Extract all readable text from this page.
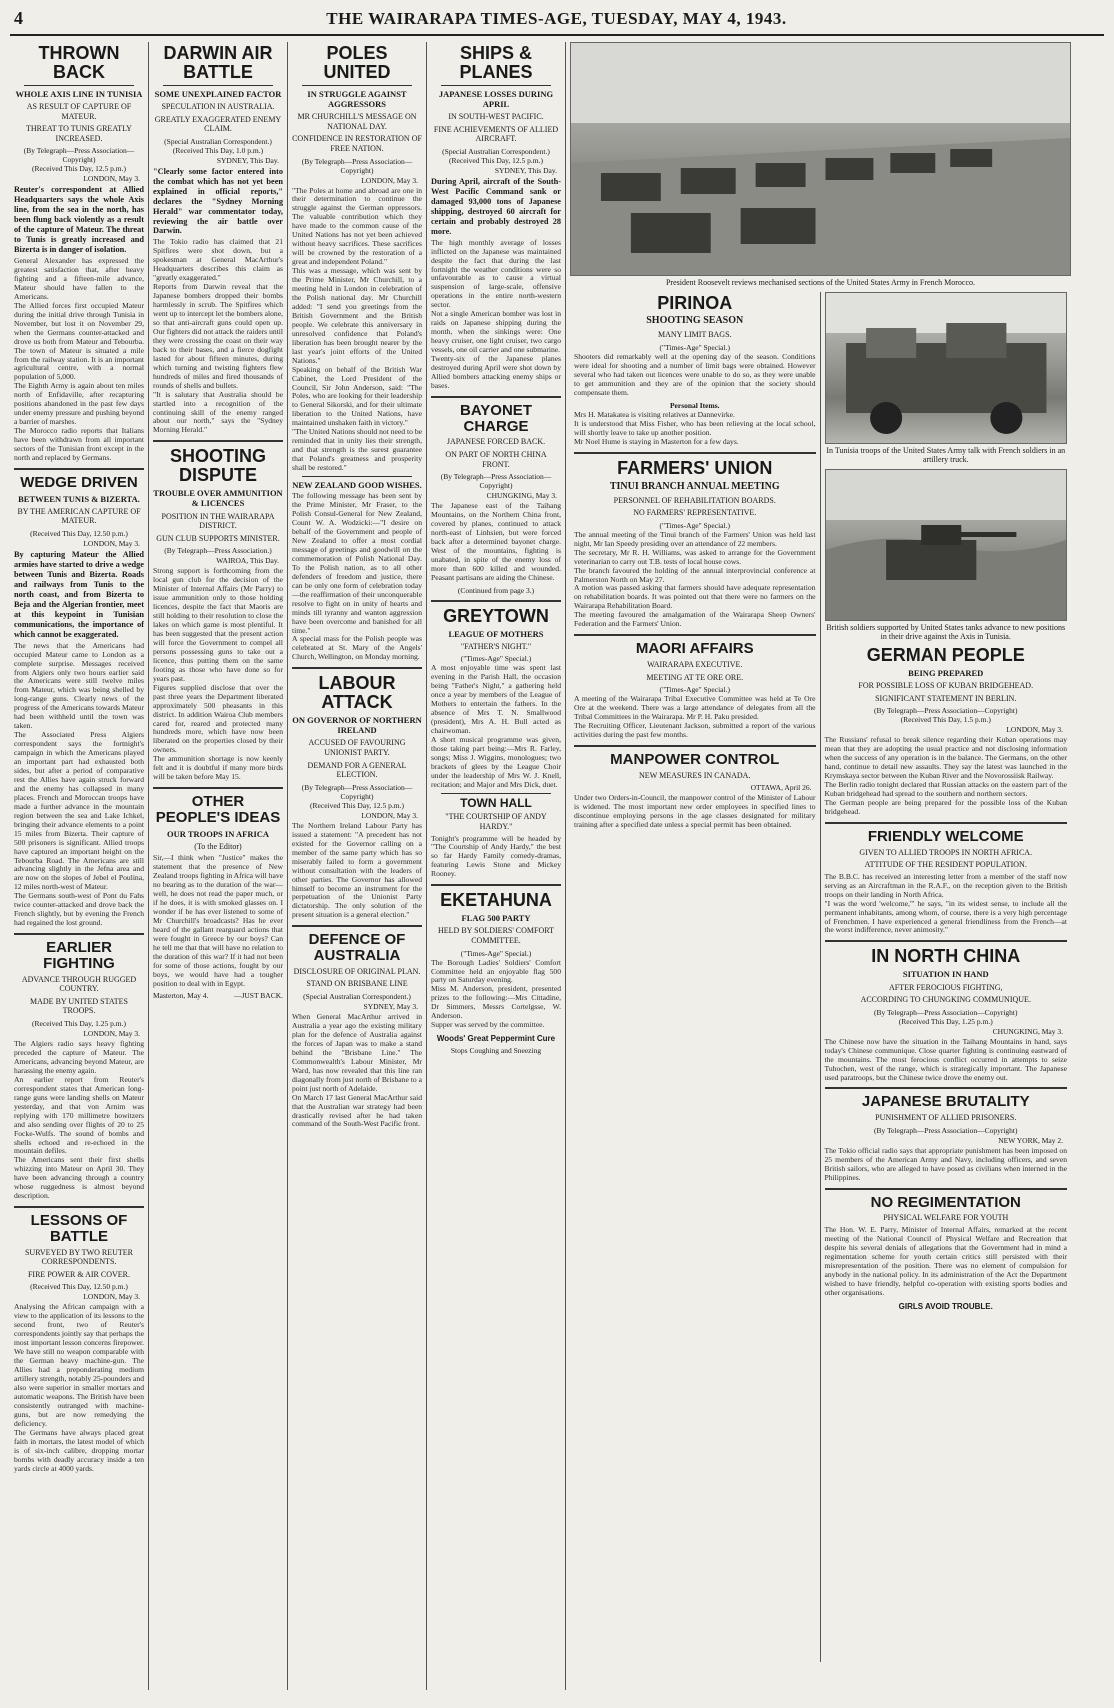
4	THE WAIRARAPA TIMES-AGE, TUESDAY, MAY 4, 1943.
THROWN BACK
WHOLE AXIS LINE IN TUNISIA
AS RESULT OF CAPTURE OF MATEUR.
THREAT TO TUNIS GREATLY INCREASED.
(By Telegraph—Press Association—Copyright)
(Received This Day, 12.5 p.m.)
LONDON, May 3.

Reuter's correspondent at Allied Headquarters says the whole Axis line, from the sea in the north, has been flung back violently as a result of the capture of Mateur. The threat to Tunis is greatly increased and Bizerta is in danger of isolation.

General Alexander has expressed the greatest satisfaction that, after heavy fighting and a fifteen-mile advance, Mateur should have fallen to the Americans.
The Allied forces first occupied Mateur during the initial drive through Tunisia in November, but lost it on November 29, when the Germans counter-attacked and drove us both from Mateur and Tebourba. The town of Mateur is situated a mile from the railway station. It is an important agricultural centre, with a normal population of 5,000.
The Eighth Army is again about ten miles north of Enfidaville, after recapturing positions abandoned in the past few days under enemy pressure and pushing beyond a barrier of marshes.
The Morocco radio reports that Italians have been withdrawn from all important sectors of the Tunisian front except in the north and replaced by Germans.

WEDGE DRIVEN
BETWEEN TUNIS & BIZERTA.
BY THE AMERICAN CAPTURE OF MATEUR.
(Received This Day, 12.50 p.m.)
LONDON, May 3.

By capturing Mateur the Allied armies have started to drive a wedge between Tunis and Bizerta. Roads and railways from Tunis to the north coast, and from Bizerta to Beja and the Algerian frontier, meet at this keypoint in Tunisian communications, the importance of which cannot be exaggerated.

The news that the Americans had occupied Mateur came to London as a complete surprise. Messages received from Algiers only two hours earlier said the Americans were still twelve miles from Mateur, which was being shelled by long-range guns. Clearly news of the progress of the Americans towards Mateur had been withheld until the town was taken.
The Associated Press Algiers correspondent says the fortnight's campaign in which the Americans played an important part had exhausted both sides, but after a period of comparative rest the Allies have again struck forward and the enemy has collapsed in many places. French and Moroccan troops have made a further advance in the mountain region between the sea and Lake Ichkel, bringing their advance elements to a point 15 miles from Bizerta. Their capture of 500 prisoners is significant. Allied troops have captured an important height on the Tebourba Road. The Americans are still advancing slightly in the Jefna area and are now on the slopes of Jebel el Poulina, 12 miles north-west of Mateur.
The Germans south-west of Pont du Fahs twice counter-attacked and drove back the French slightly, but by evening the French had regained the lost ground.

EARLIER FIGHTING
ADVANCE THROUGH RUGGED COUNTRY.
MADE BY UNITED STATES TROOPS.
(Received This Day, 1.25 p.m.)
LONDON, May 3.

The Algiers radio says heavy fighting preceded the capture of Mateur. The Americans, advancing beyond Mateur, are harassing the enemy again.
An earlier report from Reuter's correspondent states that American long-range guns were landing shells on Mateur yesterday, and that von Arnim was replying with 170 millimetre howitzers and also sending over flights of 20 to 25 Focke-Wulfs. The sound of bombs and shells echoed and re-echoed in the mountain defiles.
The Americans sent their first shells whizzing into Mateur on April 30. They have been advancing through a country whose ruggedness is almost beyond description.

LESSONS OF BATTLE
SURVEYED BY TWO REUTER CORRESPONDENTS.
FIRE POWER & AIR COVER.
(Received This Day, 12.50 p.m.)
LONDON, May 3.

Analysing the African campaign with a view to the application of its lessons to the second front, two of Reuter's correspondents jointly say that perhaps the most important lesson concerns firepower. We have still no weapon comparable with the German heavy machine-gun. The Allies had a preponderating medium artillery strength, notably 25-pounders and also were superior in smaller mortars and automatic weapons. The British have been consistently outranged with machine-guns, but are now remedying the deficiency.
The Germans have always placed great faith in mortars, the latest model of which is of six-inch calibre, dropping mortar bombs with deadly accuracy inside a ten yards circle at 4000 yards.

DARWIN AIR BATTLE
SOME UNEXPLAINED FACTOR
SPECULATION IN AUSTRALIA.
GREATLY EXAGGERATED ENEMY CLAIM.
(Special Australian Correspondent.)
(Received This Day, 1.0 p.m.)
SYDNEY, This Day.

"Clearly some factor entered into the combat which has not yet been explained in official reports," declares the "Sydney Morning Herald" war commentator today, reviewing the air battle over Darwin.

The Tokio radio has claimed that 21 Spitfires were shot down, but a spokesman at General MacArthur's Headquarters describes this claim as "greatly exaggerated."
Reports from Darwin reveal that the Japanese bombers dropped their bombs harmlessly in scrub. The Spitfires which went up to intercept let the bombers alone, so that anti-aircraft guns could open up. Our fighters did not attack the raiders until they were crossing the coast on their way back to their bases, and a fierce dogfight lasted for about fifteen minutes, during which turning and twisting fighters flew hundreds of miles and fired thousands of rounds of shells and bullets.
"It is salutary that Australia should be startled into a recognition of the continuing skill of the enemy ranged about our north," says the "Sydney Morning Herald."

SHOOTING DISPUTE
TROUBLE OVER AMMUNITION & LICENCES
POSITION IN THE WAIRARAPA DISTRICT.
GUN CLUB SUPPORTS MINISTER.
(By Telegraph—Press Association.)
WAIROA, This Day.

Strong support is forthcoming from the local gun club for the decision of the Minister of Internal Affairs (Mr Parry) to issue ammunition only to those holding licences, despite the fact that Maoris are still holding to their resolution to close the lakes on which game is most plentiful. It has been suggested that the present action will force the Government to compel all persons possessing guns to take out a licence, thus putting them on the same footing as those who have done so for years past.
Figures supplied disclose that over the past three years the Department liberated approximately 500 pheasants in this district. In addition Wairoa Club members cared for, reared and protected many hundreds more, which have now been liberated on the properties closed by their owners.
The ammunition shortage is now keenly felt and it is doubtful if many more birds will be taken before May 15.

OTHER PEOPLE'S IDEAS
OUR TROOPS IN AFRICA
(To the Editor)

Sir,—I think when "Justice" makes the statement that the presence of New Zealand troops fighting in Africa will have no bearing as to the duration of the war—well, he does not read the paper much, or if he does, it is with smoked glasses on. I wonder if he has ever listened to some of Mr Churchill's broadcasts? Has he ever heard of the gallant rearguard actions that were fought in Greece by our boys? Can he tell me that that will have no relation to the duration of this war? If it had not been for some of those actions, fought by our boys, we would have had a tougher position to deal with in Egypt.

Masterton, May 4.	—JUST BACK.
POLES UNITED
IN STRUGGLE AGAINST AGGRESSORS
MR CHURCHILL'S MESSAGE ON NATIONAL DAY.
CONFIDENCE IN RESTORATION OF FREE NATION.
(By Telegraph—Press Association—Copyright)
LONDON, May 3.

"The Poles at home and abroad are one in their determination to continue the struggle against the German oppressors. The valuable contribution which they have made to the common cause of the United Nations has not yet been achieved without heavy sacrifices. These sacrifices will be crowned by the restoration of a great and independent Poland."
This was a message, which was sent by the Prime Minister, Mr Churchill, to a meeting held in London in celebration of the Polish national day. Mr Churchill added: "I send you greetings from the British Government and the British people. We celebrate this anniversary in unresolved confidence that Poland's liberation has been brought nearer by the last year's joint efforts of the United Nations."
Speaking on behalf of the British War Cabinet, the Lord President of the Council, Sir John Anderson, said: "The Poles, who are looking for their leadership to General Sikorski, and for their ultimate liberation to the United Nations, have maintained unshaken faith in victory."
"The United Nations should not need to be reminded that in unity lies their strength, and that strength is the surest guarantee that Poland's greatness and prosperity shall be restored."

NEW ZEALAND GOOD WISHES.

The following message has been sent by the Prime Minister, Mr Fraser, to the Polish Consul-General for New Zealand, Count W. A. Wodzicki:—"I desire on behalf of the Government and people of New Zealand to offer a most cordial message of greetings and goodwill on the commemoration of Polish National Day. To the Polish nation, as to all other defenders of freedom and justice, there can be only one form of celebration today—the reaffirmation of their unconquerable resolve to fight on in unity of hearts and minds till tyranny and wanton aggression have been overcome and banished for all time."
A special mass for the Polish people was celebrated at St. Mary of the Angels' Church, Wellington, on Monday morning.

LABOUR ATTACK
ON GOVERNOR OF NORTHERN IRELAND
ACCUSED OF FAVOURING UNIONIST PARTY.
DEMAND FOR A GENERAL ELECTION.
(By Telegraph—Press Association—Copyright)
(Received This Day, 12.5 p.m.)
LONDON, May 3.

The Northern Ireland Labour Party has issued a statement: "A precedent has not existed for the Governor calling on a member of the same party which has so miserably failed to form a government without consultation with the leaders of other parties. The Governor has allowed himself to become an instrument for the perpetuation of the Unionist Party dictatorship. The only solution of the present situation is a general election."

DEFENCE OF AUSTRALIA
DISCLOSURE OF ORIGINAL PLAN.
STAND ON BRISBANE LINE
(Special Australian Correspondent.)
SYDNEY, May 3.

When General MacArthur arrived in Australia a year ago the existing military plan for the defence of Australia against the forces of Japan was to make a stand behind the "Brisbane Line." The Commonwealth's Labour Minister, Mr Ward, has now revealed that this line ran diagonally from just north of Brisbane to a point just north of Adelaide.
On March 17 last General MacArthur said that the Australian war strategy had been drastically revised after he had taken command of the South-West Pacific front.

SHIPS & PLANES
JAPANESE LOSSES DURING APRIL
IN SOUTH-WEST PACIFIC.
FINE ACHIEVEMENTS OF ALLIED AIRCRAFT.
(Special Australian Correspondent.)
(Received This Day, 12.5 p.m.)
SYDNEY, This Day.

During April, aircraft of the South-West Pacific Command sank or damaged 93,000 tons of Japanese shipping, destroyed 60 aircraft for certain and probably destroyed 28 more.

The high monthly average of losses inflicted on the Japanese was maintained despite the fact that during the last fortnight the weather conditions were so unfavourable as to cause a virtual suspension of large-scale, offensive operations in the entire north-western sector.
Not a single American bomber was lost in raids on Japanese shipping during the month, when the sinkings were: One heavy cruiser, one light cruiser, two cargo vessels, one oil carrier and one submarine.
Twenty-six of the Japanese planes destroyed during April were shot down by Allied bombers attacking enemy ships or bases.

BAYONET CHARGE
JAPANESE FORCED BACK.
ON PART OF NORTH CHINA FRONT.
(By Telegraph—Press Association—Copyright)
CHUNGKING, May 3.

The Japanese east of the Taihang Mountains, on the Northern China front, covered by planes, continued to attack north-east of Linhsien, but were forced back after a determined bayonet charge. West of the mountains, fighting is unabated, in spite of the enemy loss of more than 600 killed and wounded. Peasant partisans are aiding the Chinese.

(Continued from page 3.)
GREYTOWN
LEAGUE OF MOTHERS
"FATHER'S NIGHT."
("Times-Age" Special.)

A most enjoyable time was spent last evening in the Parish Hall, the occasion being "Father's Night," a gathering held once a year by members of the League of Mothers to entertain the fathers. In the absence of Mrs T. N. Smallwood (president), Mrs A. H. Bull acted as chairwoman.
A short musical programme was given, those taking part being:—Mrs R. Farley, songs; Miss J. Wiggins, monologues; two brackets of glees by the League Choir under the leadership of Mrs W. J. Knell, recitation; and Major and Mrs Dick, duet.

TOWN HALL
"THE COURTSHIP OF ANDY HARDY."

Tonight's programme will be headed by "The Courtship of Andy Hardy," the best so far Hardy Family comedy-dramas, featuring Lewis Stone and Mickey Rooney.

EKETAHUNA
FLAG 500 PARTY
HELD BY SOLDIERS' COMFORT COMMITTEE.
("Times-Age" Special.)

The Borough Ladies' Soldiers' Comfort Committee held an enjoyable flag 500 party on Saturday evening.
Miss M. Anderson, president, presented prizes to the following:—Mrs Cittadine, Dr Simmers, Messrs Cortelgsse, W. Anderson.
Supper was served by the committee.

Woods' Great Peppermint Cure
Stops Coughing and Sneezing
President Roosevelt reviews mechanised sections of the United States Army in French Morocco.
PIRINOA
SHOOTING SEASON
MANY LIMIT BAGS.
("Times-Age" Special.)

Shooters did remarkably well at the opening day of the season. Conditions were ideal for shooting and a number of limit bags were obtained. However several who had taken out licences were unable to do so, as they were unable to get ammunition and they are of the opinion that the society should compensate them.

Personal Items.

Mrs H. Matakatea is visiting relatives at Dannevirke.
It is understood that Miss Fisher, who has been relieving at the local school, will shortly leave to take up another position.
Mr Noel Hume is staying in Masterton for a few days.

FARMERS' UNION
TINUI BRANCH ANNUAL MEETING
PERSONNEL OF REHABILITATION BOARDS.
NO FARMERS' REPRESENTATIVE.
("Times-Age" Special.)

The annual meeting of the Tinui branch of the Farmers' Union was held last night, Mr Ian Speedy presiding over an attendance of 22 members.
The secretary, Mr R. H. Williams, was asked to arrange for the Government veterinarian to carry out T.B. tests of local house cows.
The branch favoured the holding of the annual interprovincial conference at Palmerston North on May 27.
A motion was passed asking that farmers should have adequate representation on rehabilitation boards. It was pointed out that there were no farmers on the Wairarapa Rehabilitation Board.
The meeting favoured the amalgamation of the Wairarapa Sheep Owners' Federation and the Farmers' Union.

MAORI AFFAIRS
WAIRARAPA EXECUTIVE.
MEETING AT TE ORE ORE.
("Times-Age" Special.)

A meeting of the Wairarapa Tribal Executive Committee was held at Te Ore Ore at the weekend. There was a large attendance of delegates from all the Tribal Committees in the Wairarapa. Mr P. H. Paku presided.
The Recruiting Officer, Lieutenant Jackson, submitted a report of the various activities during the past few months.

MANPOWER CONTROL
NEW MEASURES IN CANADA.
OTTAWA, April 26.

Under two Orders-in-Council, the manpower control of the Minister of Labour is widened. The most important new order employees in specified lines to discontinue employing persons in the age classes designated for military training after a specified date unless a special permit has been obtained.

In Tunisia troops of the United States Army talk with French soldiers in an artillery truck.
British soldiers supported by United States tanks advance to new positions in their drive against the Axis in Tunisia.
GERMAN PEOPLE
BEING PREPARED
FOR POSSIBLE LOSS OF KUBAN BRIDGEHEAD.
SIGNIFICANT STATEMENT IN BERLIN.
(By Telegraph—Press Association—Copyright)
(Received This Day, 1.5 p.m.)
LONDON, May 3.

The Russians' refusal to break silence regarding their Kuban operations may mean that they are adopting the usual practice and not disclosing information when the success of any operation is in the balance. The Germans, on the other hand, continue to detail new assaults. They say the latest was launched in the Krymskaya sector between the Kuban River and the Novorossiisk Railway.
The Berlin radio tonight declared that Russian attacks on the eastern part of the Kuban bridgehead had spread to the southern and northern sectors.
The German people are being prepared for the possible loss of the Kuban bridgehead.

FRIENDLY WELCOME
GIVEN TO ALLIED TROOPS IN NORTH AFRICA.
ATTITUDE OF THE RESIDENT POPULATION.

The B.B.C. has received an interesting letter from a member of the staff now serving as an Aircraftman in the R.A.F., on the reception given to the British troops on their landing in North Africa.
"I was the word 'welcome,'" he says, "in its widest sense, to include all the permanent inhabitants, among whom, of course, there is a very high percentage of Frenchmen. I have experienced a general friendliness from the French—at the worst indifference, never animosity."

IN NORTH CHINA
SITUATION IN HAND
AFTER FEROCIOUS FIGHTING,
ACCORDING TO CHUNGKING COMMUNIQUE.
(By Telegraph—Press Association—Copyright)
(Received This Day, 1.25 p.m.)
CHUNGKING, May 3.

The Chinese now have the situation in the Taihang Mountains in hand, says today's Chinese communique. Close quarter fighting is continuing eastward of the mountains. The most ferocious conflict occurred in attempts to seize Tuhochen, west of the range, which is strategically important. The Japanese used paratroops, but the Chinese twice drove the enemy out.

JAPANESE BRUTALITY
PUNISHMENT OF ALLIED PRISONERS.
(By Telegraph—Press Association—Copyright)
NEW YORK, May 2.

The Tokio official radio says that appropriate punishment has been imposed on 25 members of the American Army and Navy, including officers, and seven British sailors, who are alleged to have posed as civilians when interned in the Philippines.

NO REGIMENTATION
PHYSICAL WELFARE FOR YOUTH

The Hon. W. E. Parry, Minister of Internal Affairs, remarked at the recent meeting of the National Council of Physical Welfare and Recreation that despite his several denials of allegations that the Government had in mind a regimentation scheme for youth certain critics still persisted with their misrepresentation of the position. There was no element of compulsion for anybody in the national policy. In its administration of the Act the Department wished to have friendly, helpful co-operation with existing sports bodies and other organisations.

GIRLS AVOID TROUBLE.
